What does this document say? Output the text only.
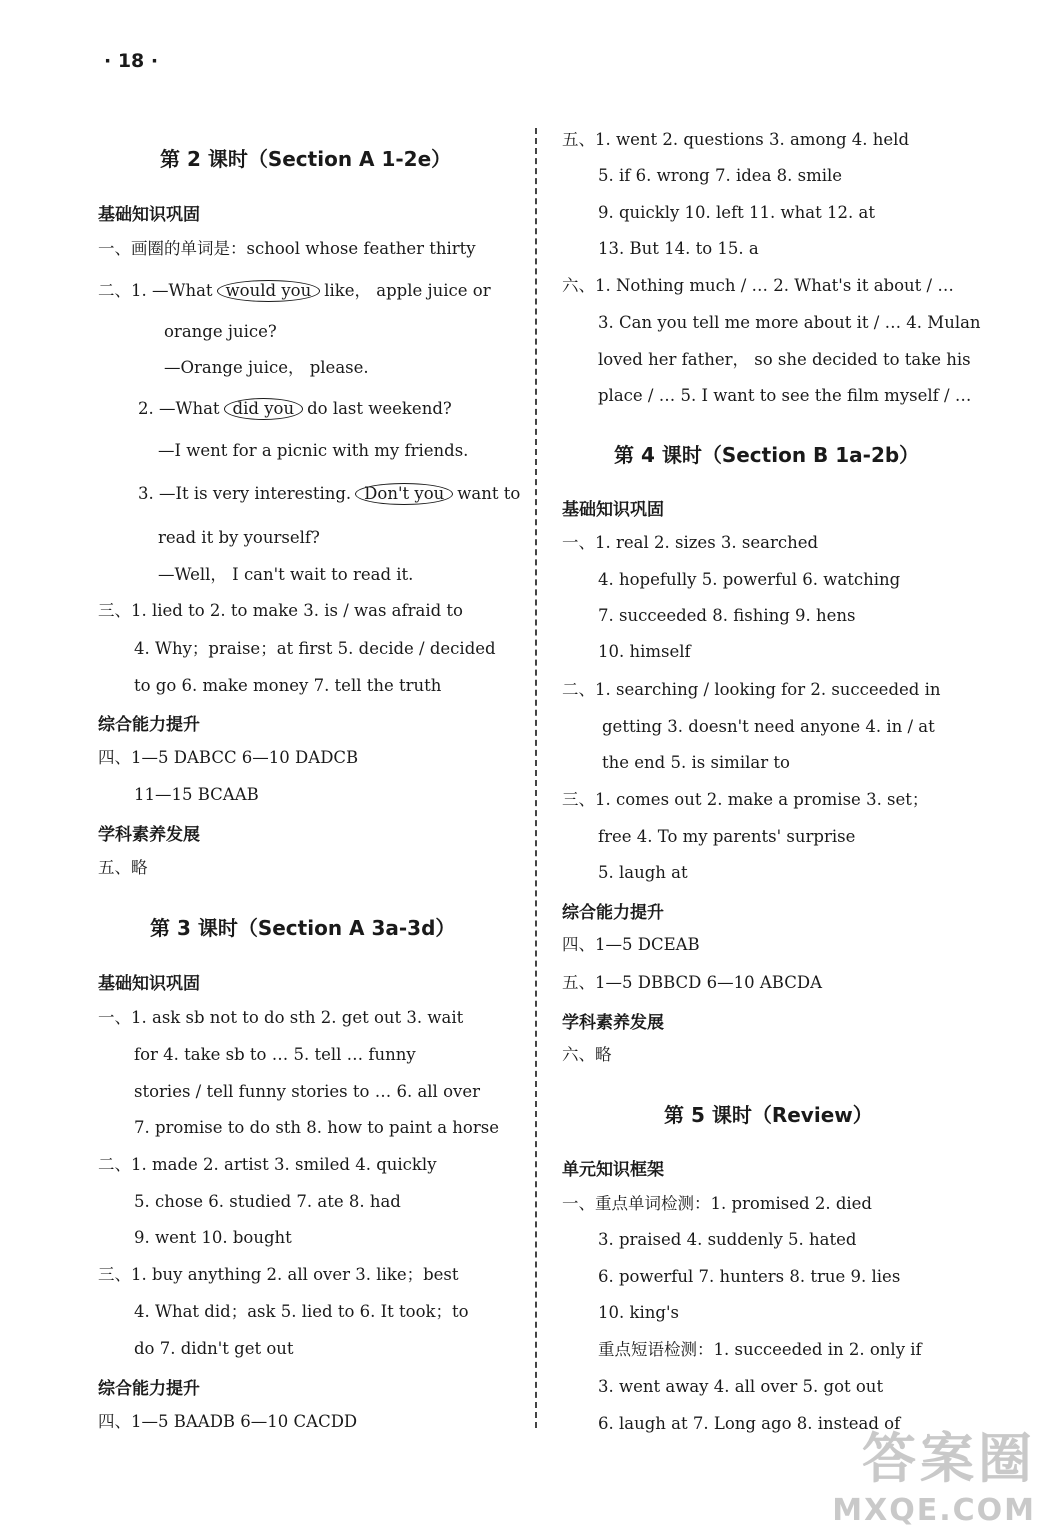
· 18 ·
第 2 课时（Section A 1-2e）
基础知识巩固
一、画圈的单词是：school whose feather thirty
二、1. —What would you like， apple juice or
orange juice?
—Orange juice， please.
2. —What did you do last weekend?
—I went for a picnic with my friends.
3. —It is very interesting. Don't you want to
read it by yourself?
—Well， I can't wait to read it.
三、1. lied to 2. to make 3. is / was afraid to
4. Why；praise；at first 5. decide / decided
to go 6. make money 7. tell the truth
综合能力提升
四、1—5 DABCC 6—10 DADCB
11—15 BCAAB
学科素养发展
五、略
第 3 课时（Section A 3a-3d）
基础知识巩固
一、1. ask sb not to do sth 2. get out 3. wait
for 4. take sb to … 5. tell … funny
stories / tell funny stories to … 6. all over
7. promise to do sth 8. how to paint a horse
二、1. made 2. artist 3. smiled 4. quickly
5. chose 6. studied 7. ate 8. had
9. went 10. bought
三、1. buy anything 2. all over 3. like；best
4. What did；ask 5. lied to 6. It took；to
do 7. didn't get out
综合能力提升
四、1—5 BAADB 6—10 CACDD
五、1. went 2. questions 3. among 4. held
5. if 6. wrong 7. idea 8. smile
9. quickly 10. left 11. what 12. at
13. But 14. to 15. a
六、1. Nothing much / … 2. What's it about / …
3. Can you tell me more about it / … 4. Mulan
loved her father， so she decided to take his
place / … 5. I want to see the film myself / …
第 4 课时（Section B 1a-2b）
基础知识巩固
一、1. real 2. sizes 3. searched
4. hopefully 5. powerful 6. watching
7. succeeded 8. fishing 9. hens
10. himself
二、1. searching / looking for 2. succeeded in
getting 3. doesn't need anyone 4. in / at
the end 5. is similar to
三、1. comes out 2. make a promise 3. set；
free 4. To my parents' surprise
5. laugh at
综合能力提升
四、1—5 DCEAB
五、1—5 DBBCD 6—10 ABCDA
学科素养发展
六、略
第 5 课时（Review）
单元知识框架
一、重点单词检测：1. promised 2. died
3. praised 4. suddenly 5. hated
6. powerful 7. hunters 8. true 9. lies
10. king's
重点短语检测：1. succeeded in 2. only if
3. went away 4. all over 5. got out
6. laugh at 7. Long ago 8. instead of
答案圈
MXQE.COM
